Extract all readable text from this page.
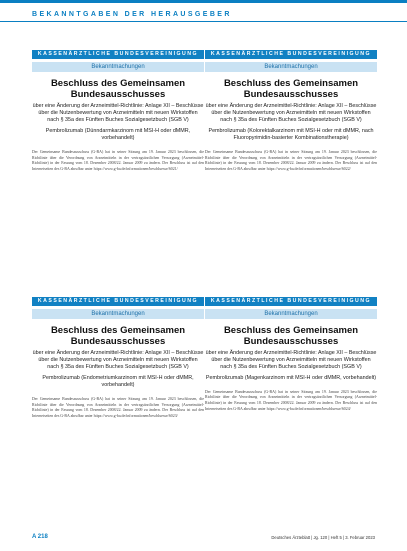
BEKANNTGABEN DER HERAUSGEBER
KASSENÄRZTLICHE BUNDESVEREINIGUNG
Bekanntmachungen
Beschluss des Gemeinsamen Bundesausschusses
über eine Änderung der Arzneimittel-Richtlinie: Anlage XII – Beschlüsse über die Nutzenbewertung von Arzneimitteln mit neuen Wirkstoffen nach § 35a des Fünften Buches Sozialgesetzbuch (SGB V)
Pembrolizumab (Dünndarmkarzinom mit MSI-H oder dMMR, vorbehandelt)
Der Gemeinsame Bundesausschuss (G-BA) hat in seiner Sitzung am 19. Januar 2023 beschlossen, die Richtlinie über die Verordnung von Arzneimitteln in der vertragsärztlichen Versorgung (Arzneimittel-Richtlinie) in der Fassung vom 18. Dezember 2008/22. Januar 2009 zu ändern. Der Beschluss ist auf den Internetseiten des G-BA abrufbar unter https://www.g-ba.de/informationen/beschluesse/6021/
KASSENÄRZTLICHE BUNDESVEREINIGUNG
Bekanntmachungen
Beschluss des Gemeinsamen Bundesausschusses
über eine Änderung der Arzneimittel-Richtlinie: Anlage XII – Beschlüsse über die Nutzenbewertung von Arzneimitteln mit neuen Wirkstoffen nach § 35a des Fünften Buches Sozialgesetzbuch (SGB V)
Pembrolizumab (Kolorektalkarzinom mit MSI-H oder mit dMMR, nach Fluoropyrimidin-basierter Kombinationstherapie)
Der Gemeinsame Bundesausschuss (G-BA) hat in seiner Sitzung am 19. Januar 2023 beschlossen, die Richtlinie über die Verordnung von Arzneimitteln in der vertragsärztlichen Versorgung (Arzneimittel-Richtlinie) in der Fassung vom 18. Dezember 2008/22. Januar 2009 zu ändern. Der Beschluss ist auf den Internetseiten des G-BA abrufbar unter https://www.g-ba.de/informationen/beschluesse/6022/
KASSENÄRZTLICHE BUNDESVEREINIGUNG
Bekanntmachungen
Beschluss des Gemeinsamen Bundesausschusses
über eine Änderung der Arzneimittel-Richtlinie: Anlage XII – Beschlüsse über die Nutzenbewertung von Arzneimitteln mit neuen Wirkstoffen nach § 35a des Fünften Buches Sozialgesetzbuch (SGB V)
Pembrolizumab (Endometriumkarzinom mit MSI-H oder dMMR, vorbehandelt)
Der Gemeinsame Bundesausschuss (G-BA) hat in seiner Sitzung am 19. Januar 2023 beschlossen, die Richtlinie über die Verordnung von Arzneimitteln in der vertragsärztlichen Versorgung (Arzneimittel-Richtlinie) in der Fassung vom 18. Dezember 2008/22. Januar 2009 zu ändern. Der Beschluss ist auf den Internetseiten des G-BA abrufbar unter https://www.g-ba.de/informationen/beschluesse/6023/
KASSENÄRZTLICHE BUNDESVEREINIGUNG
Bekanntmachungen
Beschluss des Gemeinsamen Bundesausschusses
über eine Änderung der Arzneimittel-Richtlinie: Anlage XII – Beschlüsse über die Nutzenbewertung von Arzneimitteln mit neuen Wirkstoffen nach § 35a des Fünften Buches Sozialgesetzbuch (SGB V)
Pembrolizumab (Magenkarzinom mit MSI-H oder dMMR, vorbehandelt)
Der Gemeinsame Bundesausschuss (G-BA) hat in seiner Sitzung am 19. Januar 2023 beschlossen, die Richtlinie über die Verordnung von Arzneimitteln in der vertragsärztlichen Versorgung (Arzneimittel-Richtlinie) in der Fassung vom 18. Dezember 2008/22. Januar 2009 zu ändern. Der Beschluss ist auf den Internetseiten des G-BA abrufbar unter https://www.g-ba.de/informationen/beschluesse/6024/
A 218	Deutsches Ärzteblatt | Jg. 120 | Heft 5 | 3. Februar 2023
